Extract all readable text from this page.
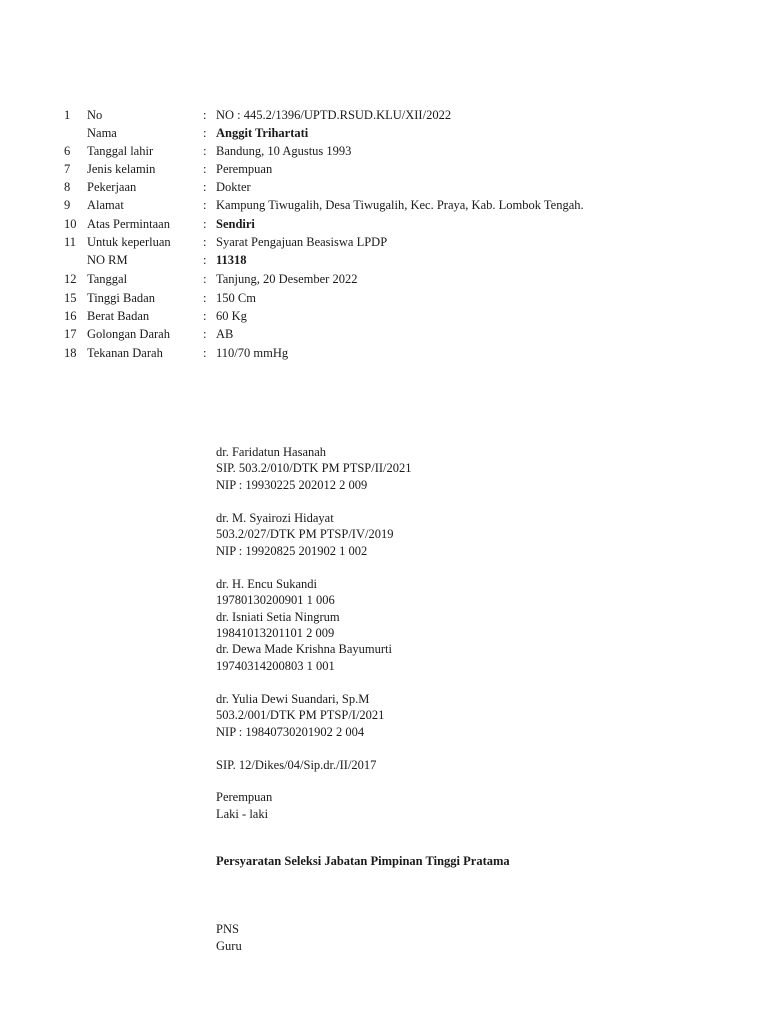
1 No	: NO : 445.2/1396/UPTD.RSUD.KLU/XII/2022
Nama	: Anggit Trihartati
6 Tanggal lahir	: Bandung, 10 Agustus 1993
7 Jenis kelamin	: Perempuan
8 Pekerjaan	: Dokter
9 Alamat	: Kampung Tiwugalih, Desa Tiwugalih, Kec. Praya, Kab. Lombok Tengah.
10 Atas Permintaan	: Sendiri
11 Untuk keperluan	: Syarat Pengajuan Beasiswa LPDP
NO RM	: 11318
12 Tanggal	: Tanjung, 20 Desember 2022
15 Tinggi Badan	: 150 Cm
16 Berat Badan	: 60 Kg
17 Golongan Darah	: AB
18 Tekanan Darah	: 110/70 mmHg
dr. Faridatun Hasanah
SIP. 503.2/010/DTK PM PTSP/II/2021
NIP : 19930225 202012 2 009
dr. M. Syairozi Hidayat
503.2/027/DTK PM PTSP/IV/2019
NIP : 19920825 201902 1 002
dr. H. Encu Sukandi
19780130200901 1 006
dr. Isniati Setia Ningrum
19841013201101 2 009
dr. Dewa Made Krishna Bayumurti
19740314200803 1 001
dr. Yulia Dewi Suandari, Sp.M
503.2/001/DTK PM PTSP/I/2021
NIP : 19840730201902 2 004
SIP. 12/Dikes/04/Sip.dr./II/2017
Perempuan
Laki - laki
Persyaratan Seleksi Jabatan Pimpinan Tinggi Pratama
PNS
Guru
